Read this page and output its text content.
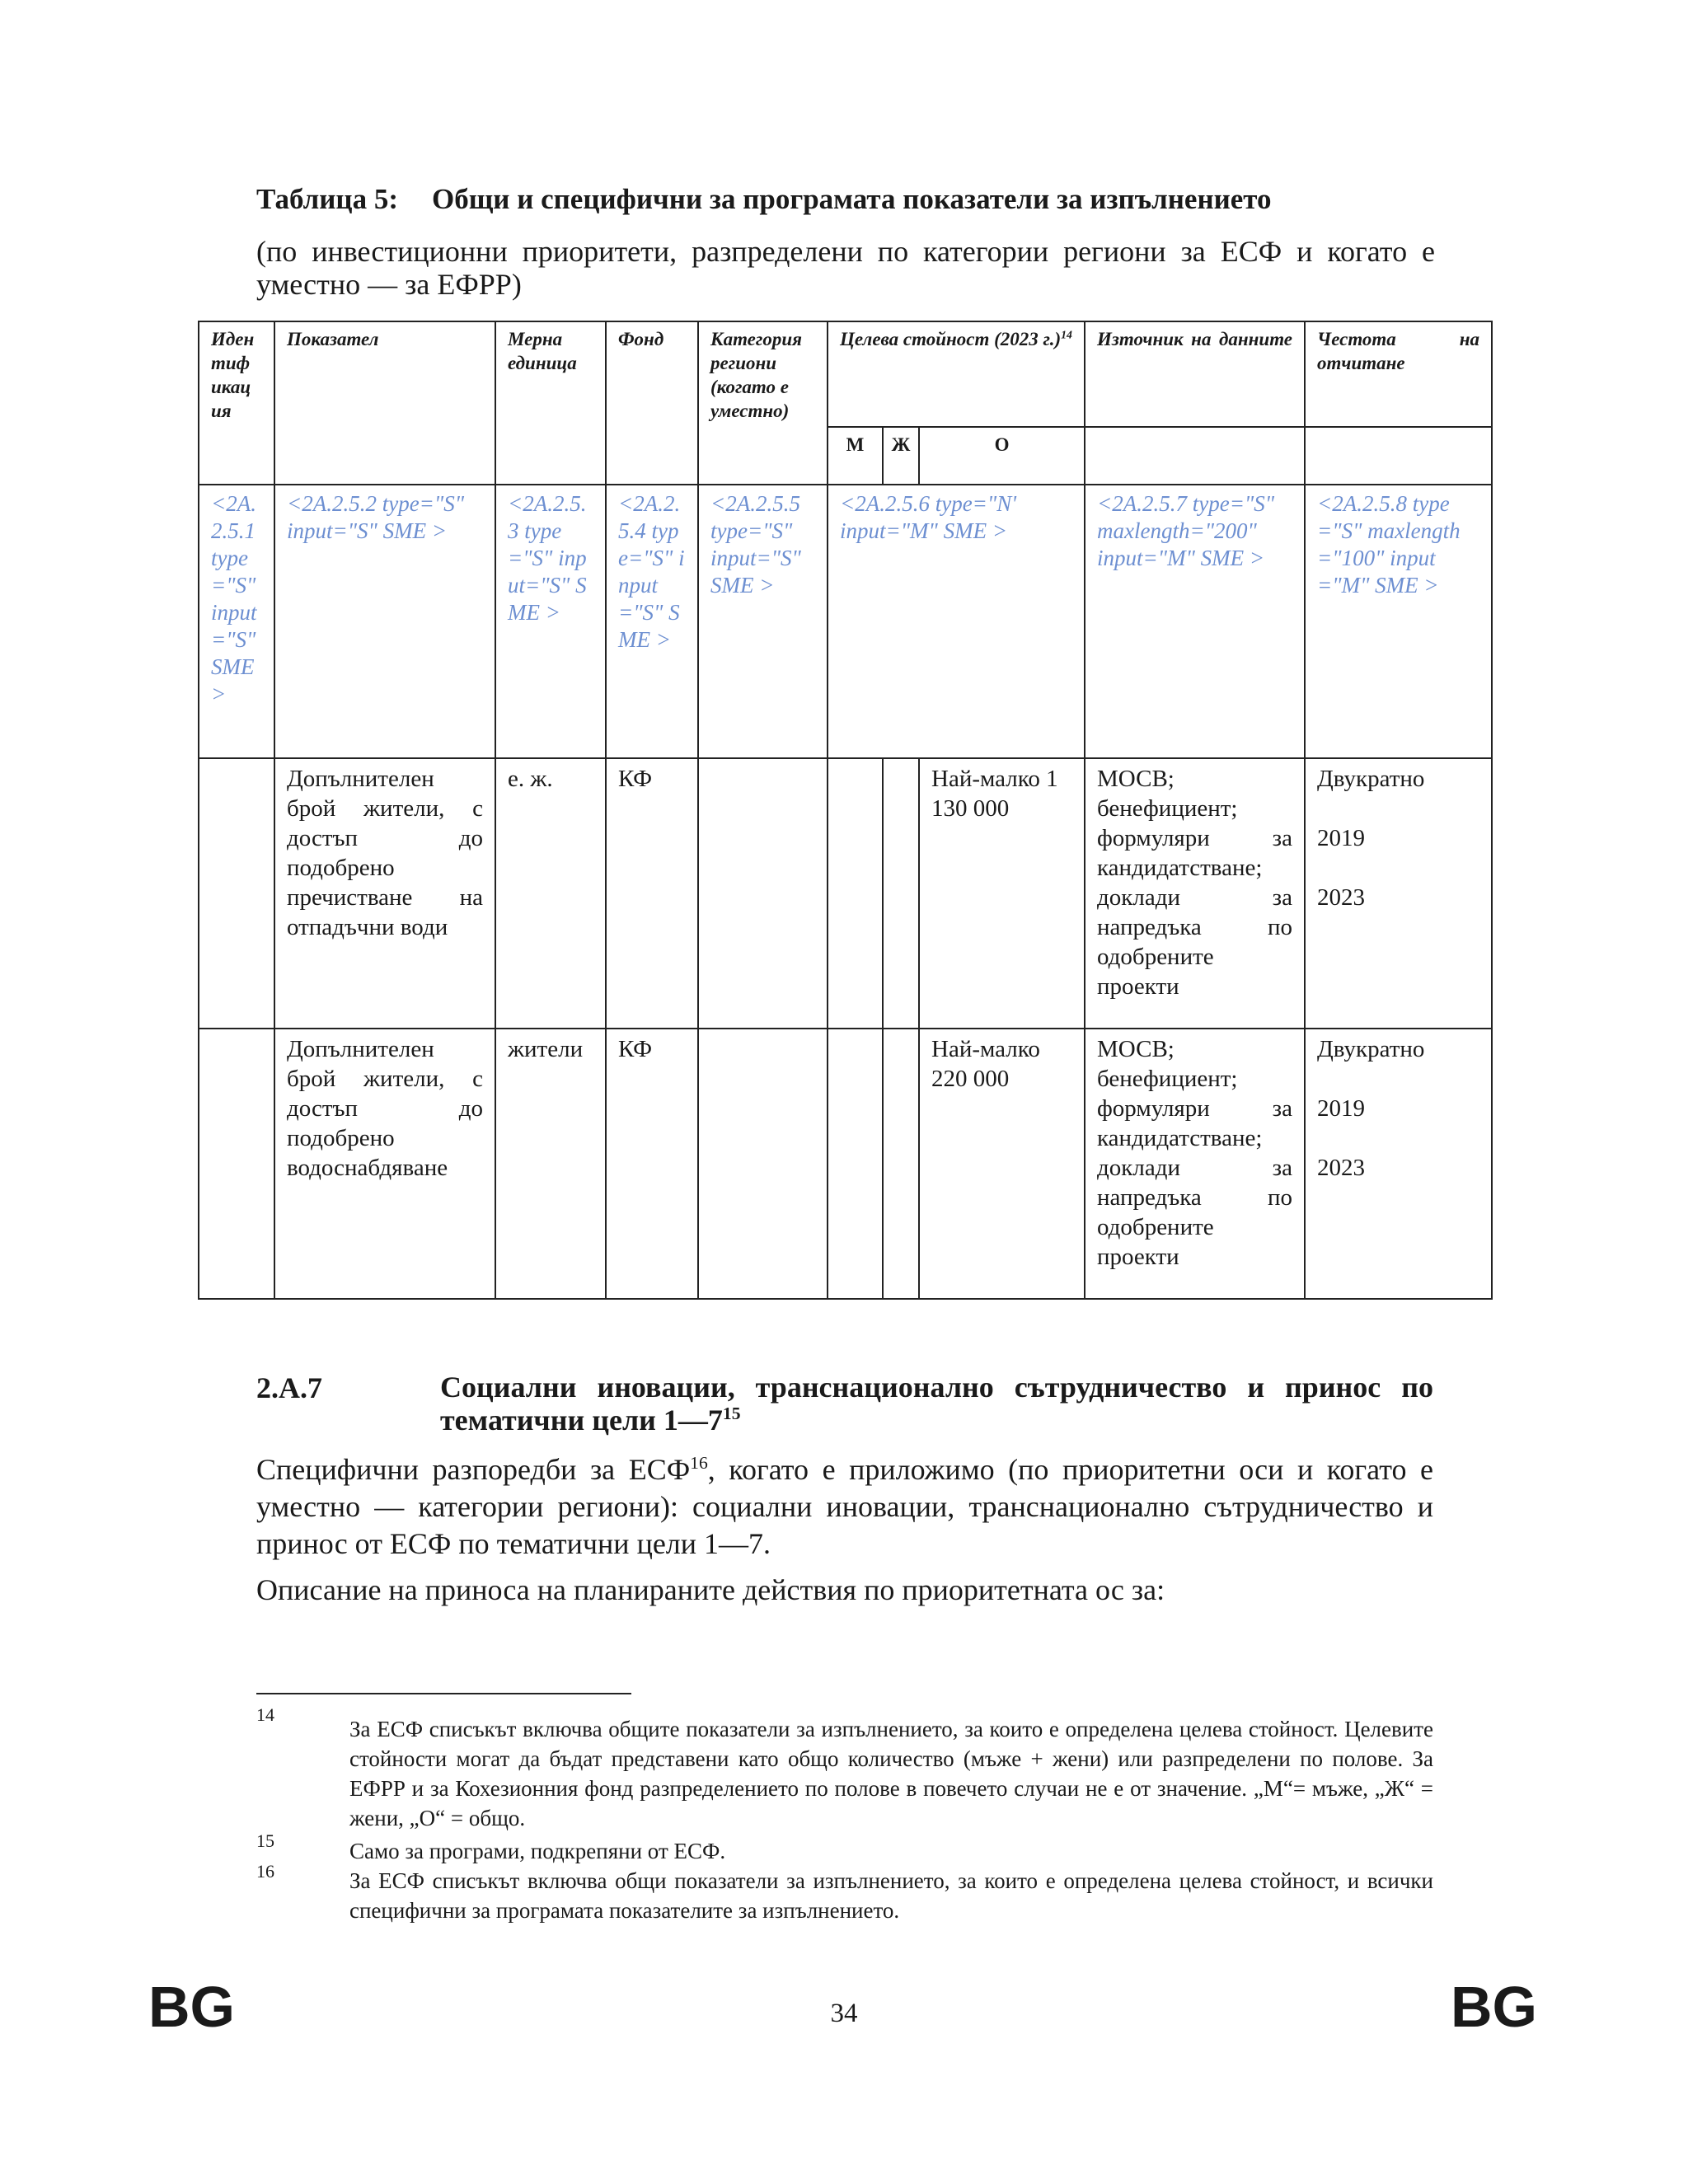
Таблица 5: Общи и специфични за програмата показатели за изпълнението
(по инвестиционни приоритети, разпределени по категории региони за ЕСФ и когато е уместно — за ЕФРР)
Иден тиф икац ия	Показател	Мерна единица	Фонд	Категория региони (когато е уместно)	Целева стойност (2023 г.)$^{14}$			Източник на данните	Честота на отчитане
					М	Ж	О		
<2A.2.5.1 type="S" input="S" SME >	<2A.2.5.2 type="S" input="S" SME >	<2A.2.5.3 type="S" input="S" SME >	<2A.2.5.4 type="S" input="S" SME >	<2A.2.5.5 type="S" input="S" SME >	<2A.2.5.6 type="N' input="M" SME >			<2A.2.5.7 type="S" maxlength="200" input="M" SME >	<2A.2.5.8 type="S" maxlength="100" input="M" SME >
	Допълнителен брой жители, с достъп до подобрено пречистване на отпадъчни води	е. ж.	КФ				Най-малко 1 130 000	МОСВ; бенефициент; формуляри за кандидатстване; доклади за напредъка по одобрените проекти	Двукратно
2019
2023

	Допълнителен брой жители, с достъп до подобрено водоснабдяване	жители	КФ				Най-малко 220 000	МОСВ; бенефициент; формуляри за кандидатстване; доклади за напредъка по одобрените проекти	Двукратно
2019
2023
2.A.7	Социални иновации, транснационално сътрудничество и принос по тематични цели $1—7^{15}$
Специфични разпоредби за ЕСФ$^{16}$, когато е приложимо (по приоритетни оси и когато е уместно — категории региони): социални иновации, транснационално сътрудничество и принос от ЕСФ по тематични цели 1—7.
Описание на приноса на планираните действия по приоритетната ос за:
14
За ЕСФ списъкът включва общите показатели за изпълнението, за които е определена целева стойност. Целевите стойности могат да бъдат представени като общо количество (мъже + жени) или разпределени по полове. За ЕФРР и за Кохезионния фонд разпределението по полове в повечето случаи не е от значение. „М“= мъже, „Ж“ = жени, „О“ = общо.
15	Само за програми, подкрепяни от ЕСФ.
16	За ЕСФ списъкът включва общи показатели за изпълнението, за които е определена целева стойност, и всички специфични за програмата показателите за изпълнението.
BG	34	BG
